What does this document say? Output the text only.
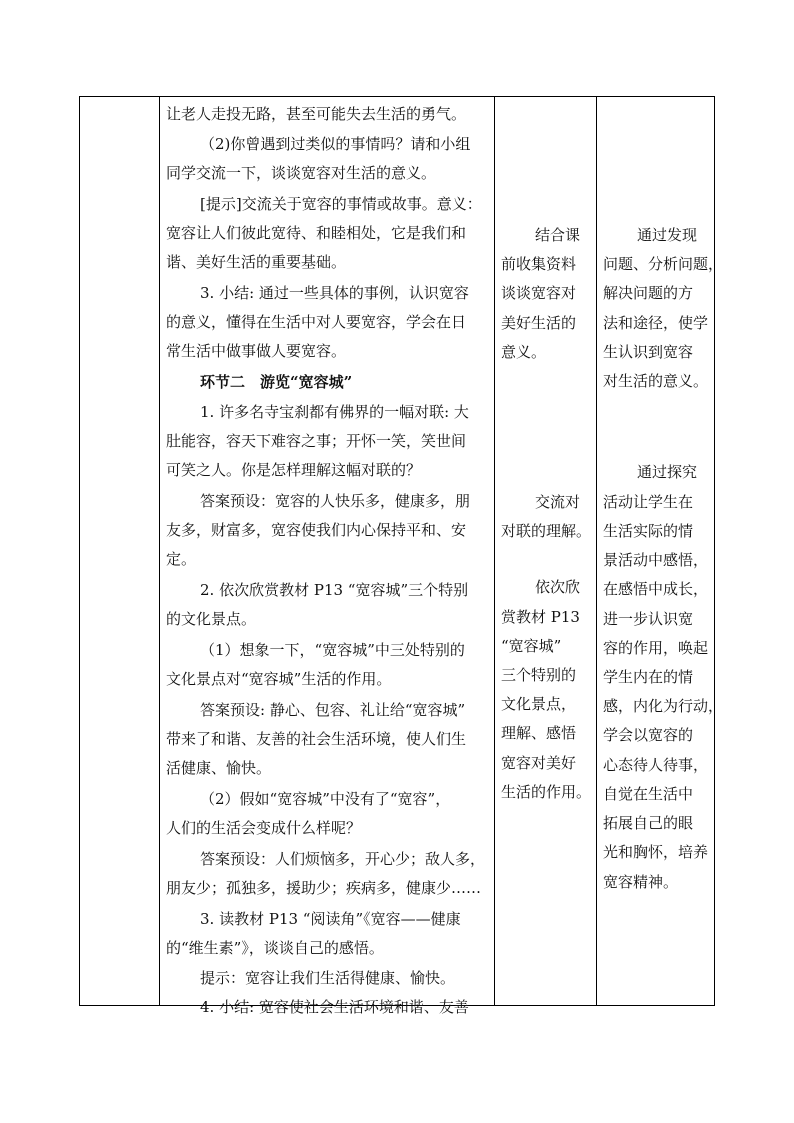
让老人走投无路，甚至可能失去生活的勇气。
（2)你曾遇到过类似的事情吗？请和小组
同学交流一下，谈谈宽容对生活的意义。
[提示]交流关于宽容的事情或故事。意义：
宽容让人们彼此宽待、和睦相处，它是我们和
谐、美好生活的重要基础。
3. 小结: 通过一些具体的事例，认识宽容
的意义，懂得在生活中对人要宽容，学会在日
常生活中做事做人要宽容。
环节二　游览“宽容城”
1. 许多名寺宝刹都有佛界的一幅对联: 大
肚能容，容天下难容之事；开怀一笑，笑世间
可笑之人。你是怎样理解这幅对联的？
答案预设：宽容的人快乐多，健康多，朋
友多，财富多，宽容使我们内心保持平和、安
定。
2. 依次欣赏教材 P13 “宽容城”三个特别
的文化景点。
（1）想象一下，“宽容城”中三处特别的
文化景点对“宽容城”生活的作用。
答案预设: 静心、包容、礼让给“宽容城”
带来了和谐、友善的社会生活环境，使人们生
活健康、愉快。
（2）假如“宽容城”中没有了“宽容”，
人们的生活会变成什么样呢？
答案预设：人们烦恼多，开心少；敌人多，
朋友少；孤独多，援助少；疾病多，健康少……
3. 读教材 P13 “阅读角”《宽容——健康
的“维生素”》，谈谈自己的感悟。
提示：宽容让我们生活得健康、愉快。
4. 小结: 宽容使社会生活环境和谐、友善
结合课
前收集资料
谈谈宽容对
美好生活的
意义。
交流对
对联的理解。
依次欣
赏教材 P13
“宽容城”
三个特别的
文化景点，
理解、感悟
宽容对美好
生活的作用。
通过发现
问题、分析问题，
解决问题的方
法和途径，使学
生认识到宽容
对生活的意义。
通过探究
活动让学生在
生活实际的情
景活动中感悟，
在感悟中成长，
进一步认识宽
容的作用，唤起
学生内在的情
感，内化为行动，
学会以宽容的
心态待人待事，
自觉在生活中
拓展自己的眼
光和胸怀，培养
宽容精神。
